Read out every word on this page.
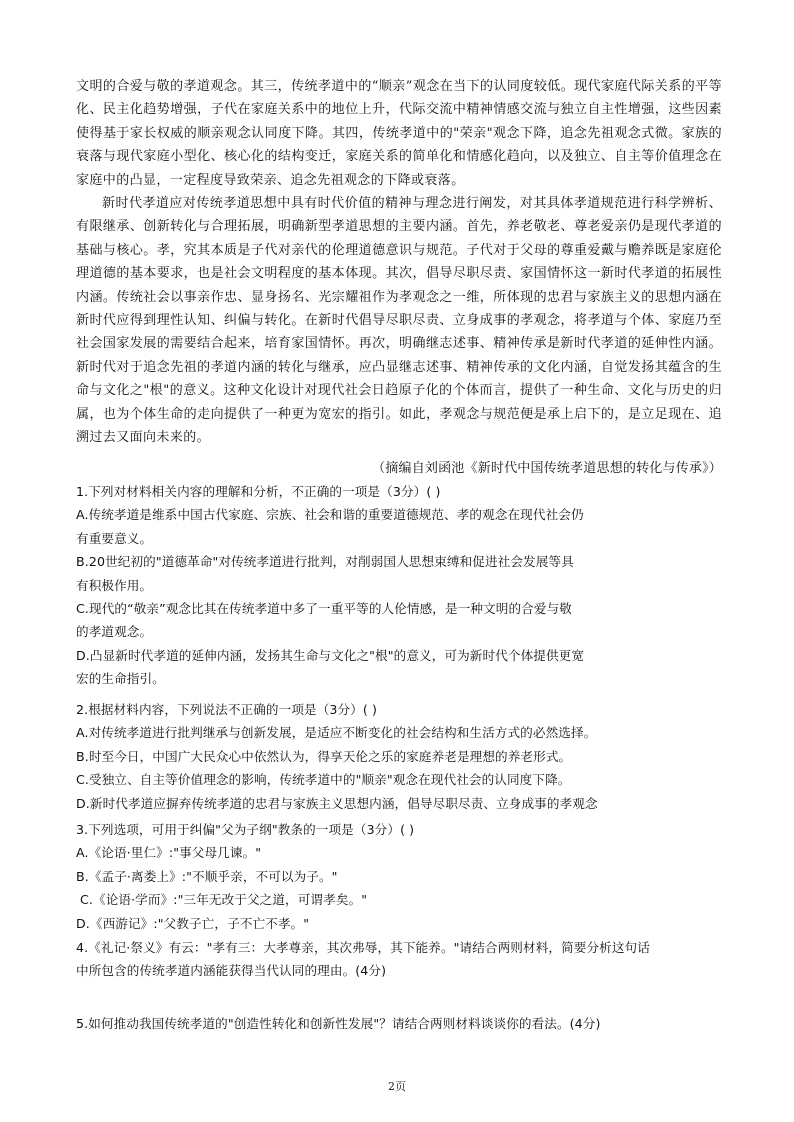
文明的合爱与敬的孝道观念。其三，传统孝道中的“顺亲”观念在当下的认同度较低。现代家庭代际关系的平等化、民主化趋势增强，子代在家庭关系中的地位上升，代际交流中精神情感交流与独立自主性增强，这些因素使得基于家长权威的顺亲观念认同度下降。其四，传统孝道中的"荣亲"观念下降，追念先祖观念式微。家族的衰落与现代家庭小型化、核心化的结构变迁，家庭关系的简单化和情感化趋向，以及独立、自主等价值理念在家庭中的凸显，一定程度导致荣亲、追念先祖观念的下降或衰落。

新时代孝道应对传统孝道思想中具有时代价值的精神与理念进行阐发，对其具体孝道规范进行科学辨析、有限继承、创新转化与合理拓展，明确新型孝道思想的主要内涵。首先，养老敬老、尊老爱亲仍是现代孝道的基础与核心。孝，究其本质是子代对亲代的伦理道德意识与规范。子代对于父母的尊重爱戴与赡养既是家庭伦理道德的基本要求，也是社会文明程度的基本体现。其次，倡导尽职尽责、家国情怀这一新时代孝道的拓展性内涵。传统社会以事亲作忠、显身扬名、光宗耀祖作为孝观念之一维，所体现的忠君与家族主义的思想内涵在新时代应得到理性认知、纠偏与转化。在新时代倡导尽职尽责、立身成事的孝观念，将孝道与个体、家庭乃至社会国家发展的需要结合起来，培育家国情怀。再次，明确继志述事、精神传承是新时代孝道的延伸性内涵。新时代对于追念先祖的孝道内涵的转化与继承，应凸显继志述事、精神传承的文化内涵，自觉发扬其蕴含的生命与文化之"根"的意义。这种文化设计对现代社会日趋原子化的个体而言，提供了一种生命、文化与历史的归属，也为个体生命的走向提供了一种更为宽宏的指引。如此，孝观念与规范便是承上启下的，是立足现在、追溯过去又面向未来的。

（摘编自刘函池《新时代中国传统孝道思想的转化与传承》）
1.下列对材料相关内容的理解和分析，不正确的一项是（3分）( )
A.传统孝道是维系中国古代家庭、宗族、社会和谐的重要道德规范、孝的观念在现代社会仍
有重要意义。
B.20世纪初的"道德革命"对传统孝道进行批判，对削弱国人思想束缚和促进社会发展等具
有积极作用。
C.现代的“敬亲”观念比其在传统孝道中多了一重平等的人伦情感，是一种文明的合爱与敬
的孝道观念。
D.凸显新时代孝道的延伸内涵，发扬其生命与文化之"根"的意义，可为新时代个体提供更宽
宏的生命指引。
2.根据材料内容，下列说法不正确的一项是（3分）( )
A.对传统孝道进行批判继承与创新发展，是适应不断变化的社会结构和生活方式的必然选择。
B.时至今日，中国广大民众心中依然认为，得享天伦之乐的家庭养老是理想的养老形式。
C.受独立、自主等价值理念的影响，传统孝道中的"顺亲"观念在现代社会的认同度下降。
D.新时代孝道应摒弃传统孝道的忠君与家族主义思想内涵，倡导尽职尽责、立身成事的孝观念
3.下列选项，可用于纠偏"父为子纲"教条的一项是（3分）( )
A.《论语·里仁》:"事父母几谏。"
B.《孟子·离娄上》:"不顺乎亲，不可以为子。"
C.《论语·学而》:"三年无改于父之道，可谓孝矣。"
D.《西游记》:"父教子亡，子不亡不孝。"
4.《礼记·祭义》有云："孝有三：大孝尊亲，其次弗辱，其下能养。"请结合两则材料，简要分析这句话
中所包含的传统孝道内涵能获得当代认同的理由。(4分)
5.如何推动我国传统孝道的"创造性转化和创新性发展"？请结合两则材料谈谈你的看法。(4分)
2页
